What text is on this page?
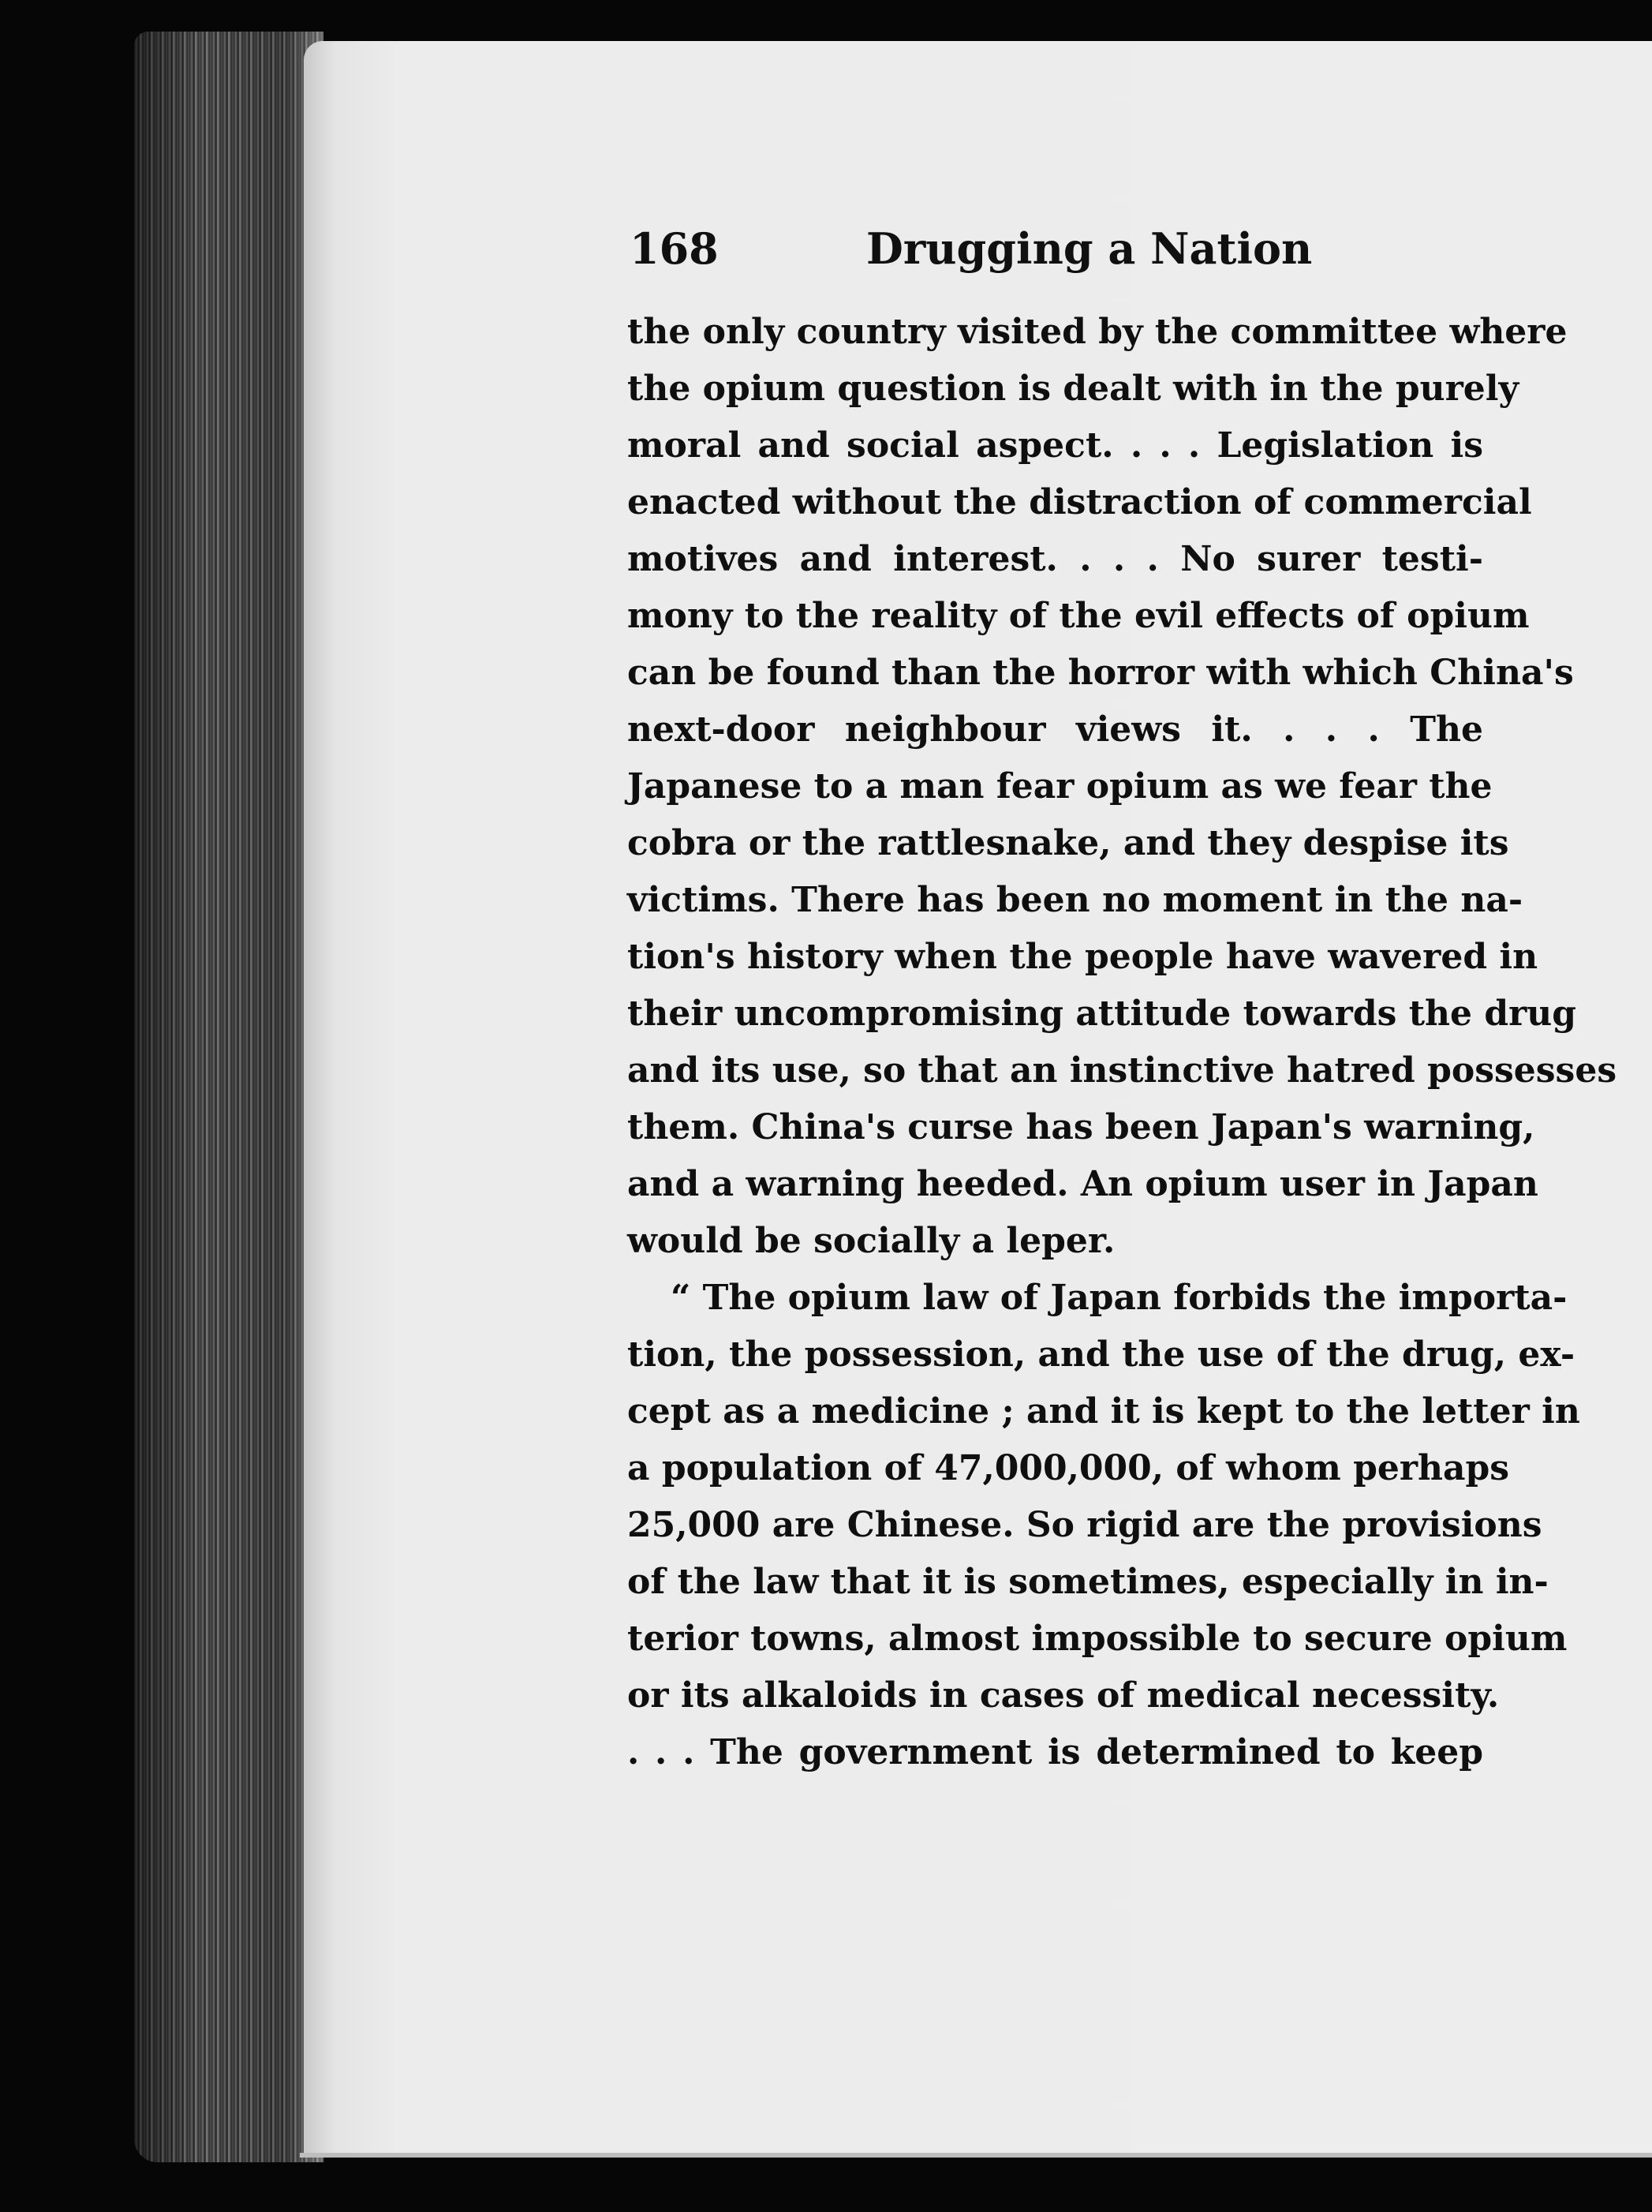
168	Drugging a Nation
the only country visited by the committee where
the opium question is dealt with in the purely
moral and social aspect. . . . Legislation is
enacted without the distraction of commercial
motives and interest. . . . No surer testi-
mony to the reality of the evil effects of opium
can be found than the horror with which China's
next-door neighbour views it. . . . The
Japanese to a man fear opium as we fear the
cobra or the rattlesnake, and they despise its
victims. There has been no moment in the na-
tion's history when the people have wavered in
their uncompromising attitude towards the drug
and its use, so that an instinctive hatred possesses
them. China's curse has been Japan's warning,
and a warning heeded. An opium user in Japan
would be socially a leper.
“ The opium law of Japan forbids the importa-
tion, the possession, and the use of the drug, ex-
cept as a medicine ; and it is kept to the letter in
a population of 47,000,000, of whom perhaps
25,000 are Chinese. So rigid are the provisions
of the law that it is sometimes, especially in in-
terior towns, almost impossible to secure opium
or its alkaloids in cases of medical necessity.
. . . The government is determined to keep
